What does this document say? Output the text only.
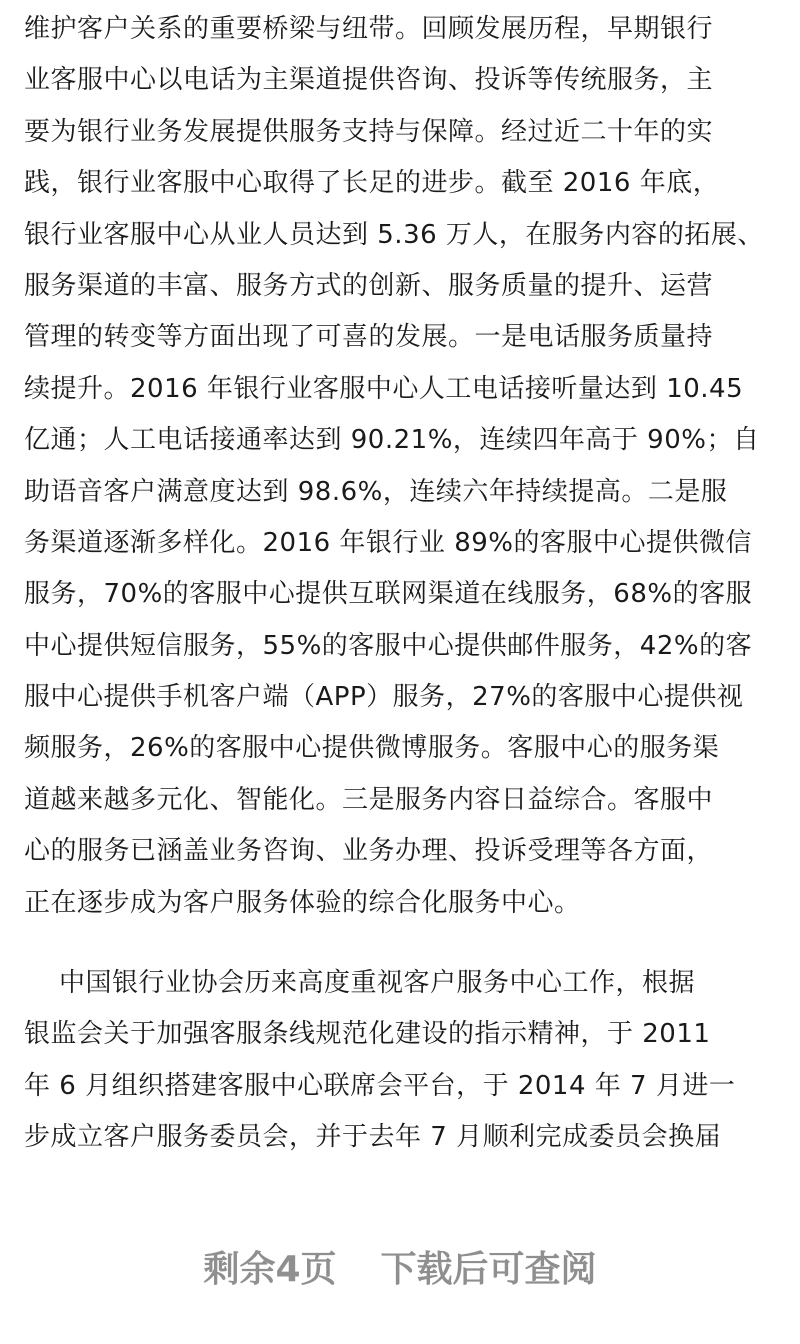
维护客户关系的重要桥梁与纽带。回顾发展历程，早期银行
业客服中心以电话为主渠道提供咨询、投诉等传统服务，主
要为银行业务发展提供服务支持与保障。经过近二十年的实
践，银行业客服中心取得了长足的进步。截至 2016 年底，
银行业客服中心从业人员达到 5.36 万人，在服务内容的拓展、
服务渠道的丰富、服务方式的创新、服务质量的提升、运营
管理的转变等方面出现了可喜的发展。一是电话服务质量持
续提升。2016 年银行业客服中心人工电话接听量达到 10.45
亿通；人工电话接通率达到 90.21%，连续四年高于 90%；自
助语音客户满意度达到 98.6%，连续六年持续提高。二是服
务渠道逐渐多样化。2016 年银行业 89%的客服中心提供微信
服务，70%的客服中心提供互联网渠道在线服务，68%的客服
中心提供短信服务，55%的客服中心提供邮件服务，42%的客
服中心提供手机客户端（APP）服务，27%的客服中心提供视
频服务，26%的客服中心提供微博服务。客服中心的服务渠
道越来越多元化、智能化。三是服务内容日益综合。客服中
心的服务已涵盖业务咨询、业务办理、投诉受理等各方面，
正在逐步成为客户服务体验的综合化服务中心。
中国银行业协会历来高度重视客户服务中心工作，根据
银监会关于加强客服条线规范化建设的指示精神，于 2011
年 6 月组织搭建客服中心联席会平台，于 2014 年 7 月进一
步成立客户服务委员会，并于去年 7 月顺利完成委员会换届
剩余4页 下载后可查阅
